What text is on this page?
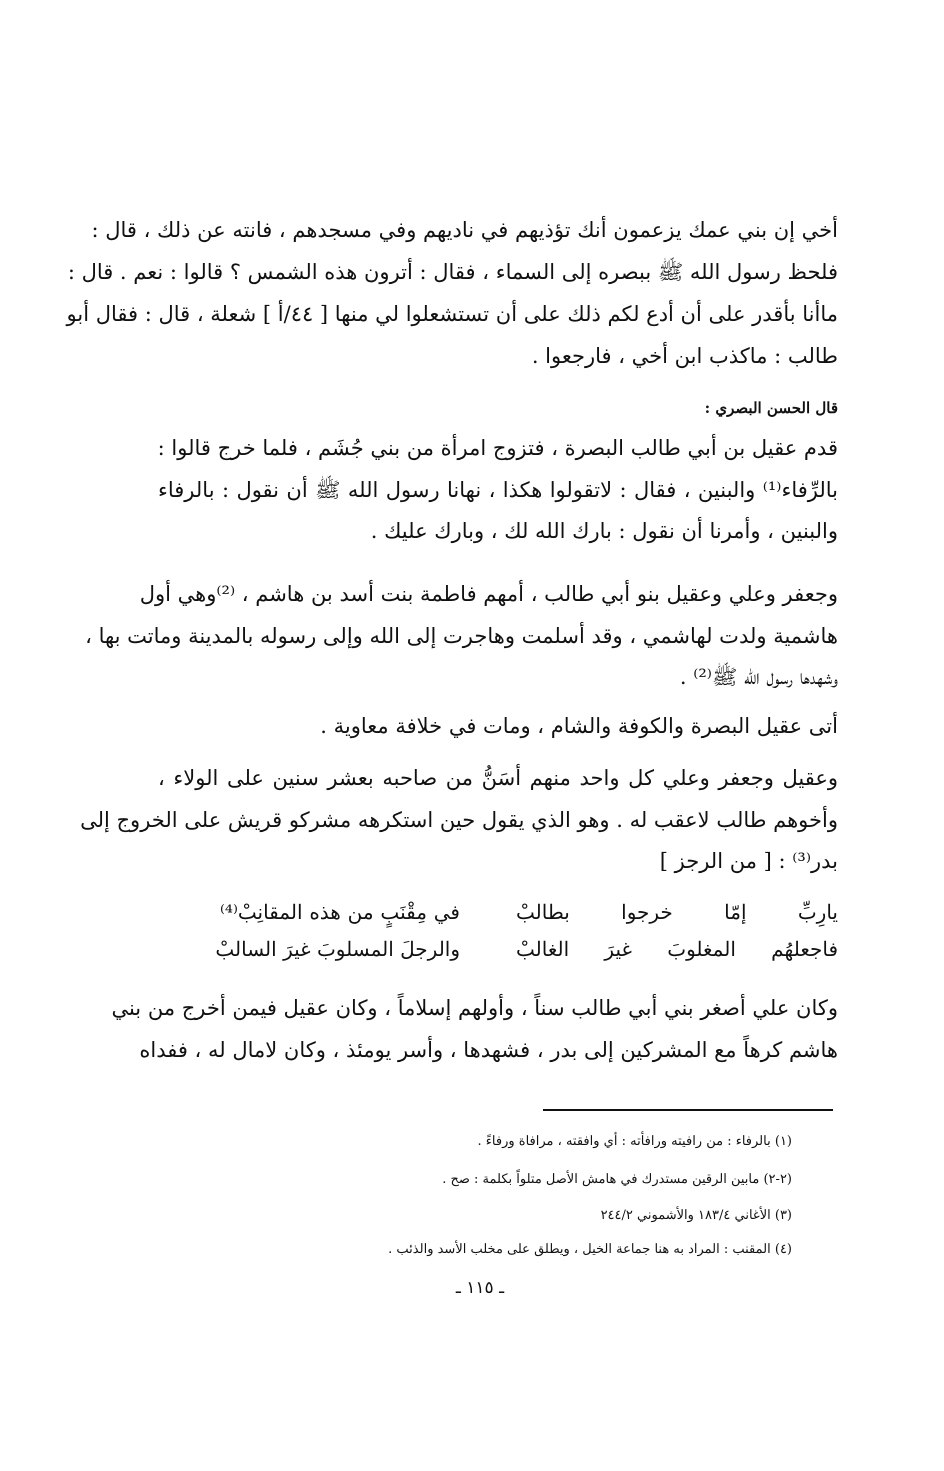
أخي إن بني عمك يزعمون أنك تؤذيهم في ناديهم وفي مسجدهم ، فانته عن ذلك ، قال :
فلحظ رسول الله ﷺ ببصره إلى السماء ، فقال : أترون هذه الشمس ؟ قالوا : نعم . قال :
ماأنا بأقدر على أن أدع لكم ذلك على أن تستشعلوا لي منها [ ٤٤/أ ] شعلة ، قال : فقال أبو
طالب : ماكذب ابن أخي ، فارجعوا .
قال الحسن البصري :
قدم عقيل بن أبي طالب البصرة ، فتزوج امرأة من بني جُشَم ، فلما خرج قالوا :
بالرِّفاء⁽¹⁾ والبنين ، فقال : لاتقولوا هكذا ، نهانا رسول الله ﷺ أن نقول : بالرفاء
والبنين ، وأمرنا أن نقول : بارك الله لك ، وبارك عليك .
وجعفر وعلي وعقيل بنو أبي طالب ، أمهم فاطمة بنت أسد بن هاشم ، ⁽²⁾وهي أول
هاشمية ولدت لهاشمي ، وقد أسلمت وهاجرت إلى الله وإلى رسوله بالمدينة وماتت بها ،
وشهدها رسول الله ﷺ⁽²⁾ .
أتى عقيل البصرة والكوفة والشام ، ومات في خلافة معاوية .
وعقيل وجعفر وعلي كل واحد منهم أسَنُّ من صاحبه بعشر سنين على الولاء ،
وأخوهم طالب لاعقب له . وهو الذي يقول حين استكرهه مشركو قريش على الخروج إلى
بدر⁽³⁾ : [ من الرجز ]
يارِبِّ إمّا خرجوا بطالبْ
في مِقْنَبٍ من هذه المقانِبْ⁽⁴⁾
فاجعلهُم المغلوبَ غيرَ الغالبْ
والرجلَ المسلوبَ غيرَ السالبْ
وكان علي أصغر بني أبي طالب سناً ، وأولهم إسلاماً ، وكان عقيل فيمن أخرج من بني
هاشم كرهاً مع المشركين إلى بدر ، فشهدها ، وأسر يومئذ ، وكان لامال له ، ففداه
(١) بالرفاء : من رافيته ورافأته : أي وافقته ، مرافاة ورفاءً .
(٢-٢) مابين الرقين مستدرك في هامش الأصل متلواً بكلمة : صح .
(٣) الأغاني ١٨٣/٤ والأشموني ٢٤٤/٢
(٤) المقنب : المراد به هنا جماعة الخيل ، ويطلق على مخلب الأسد والذئب .
ـ ١١٥ ـ
